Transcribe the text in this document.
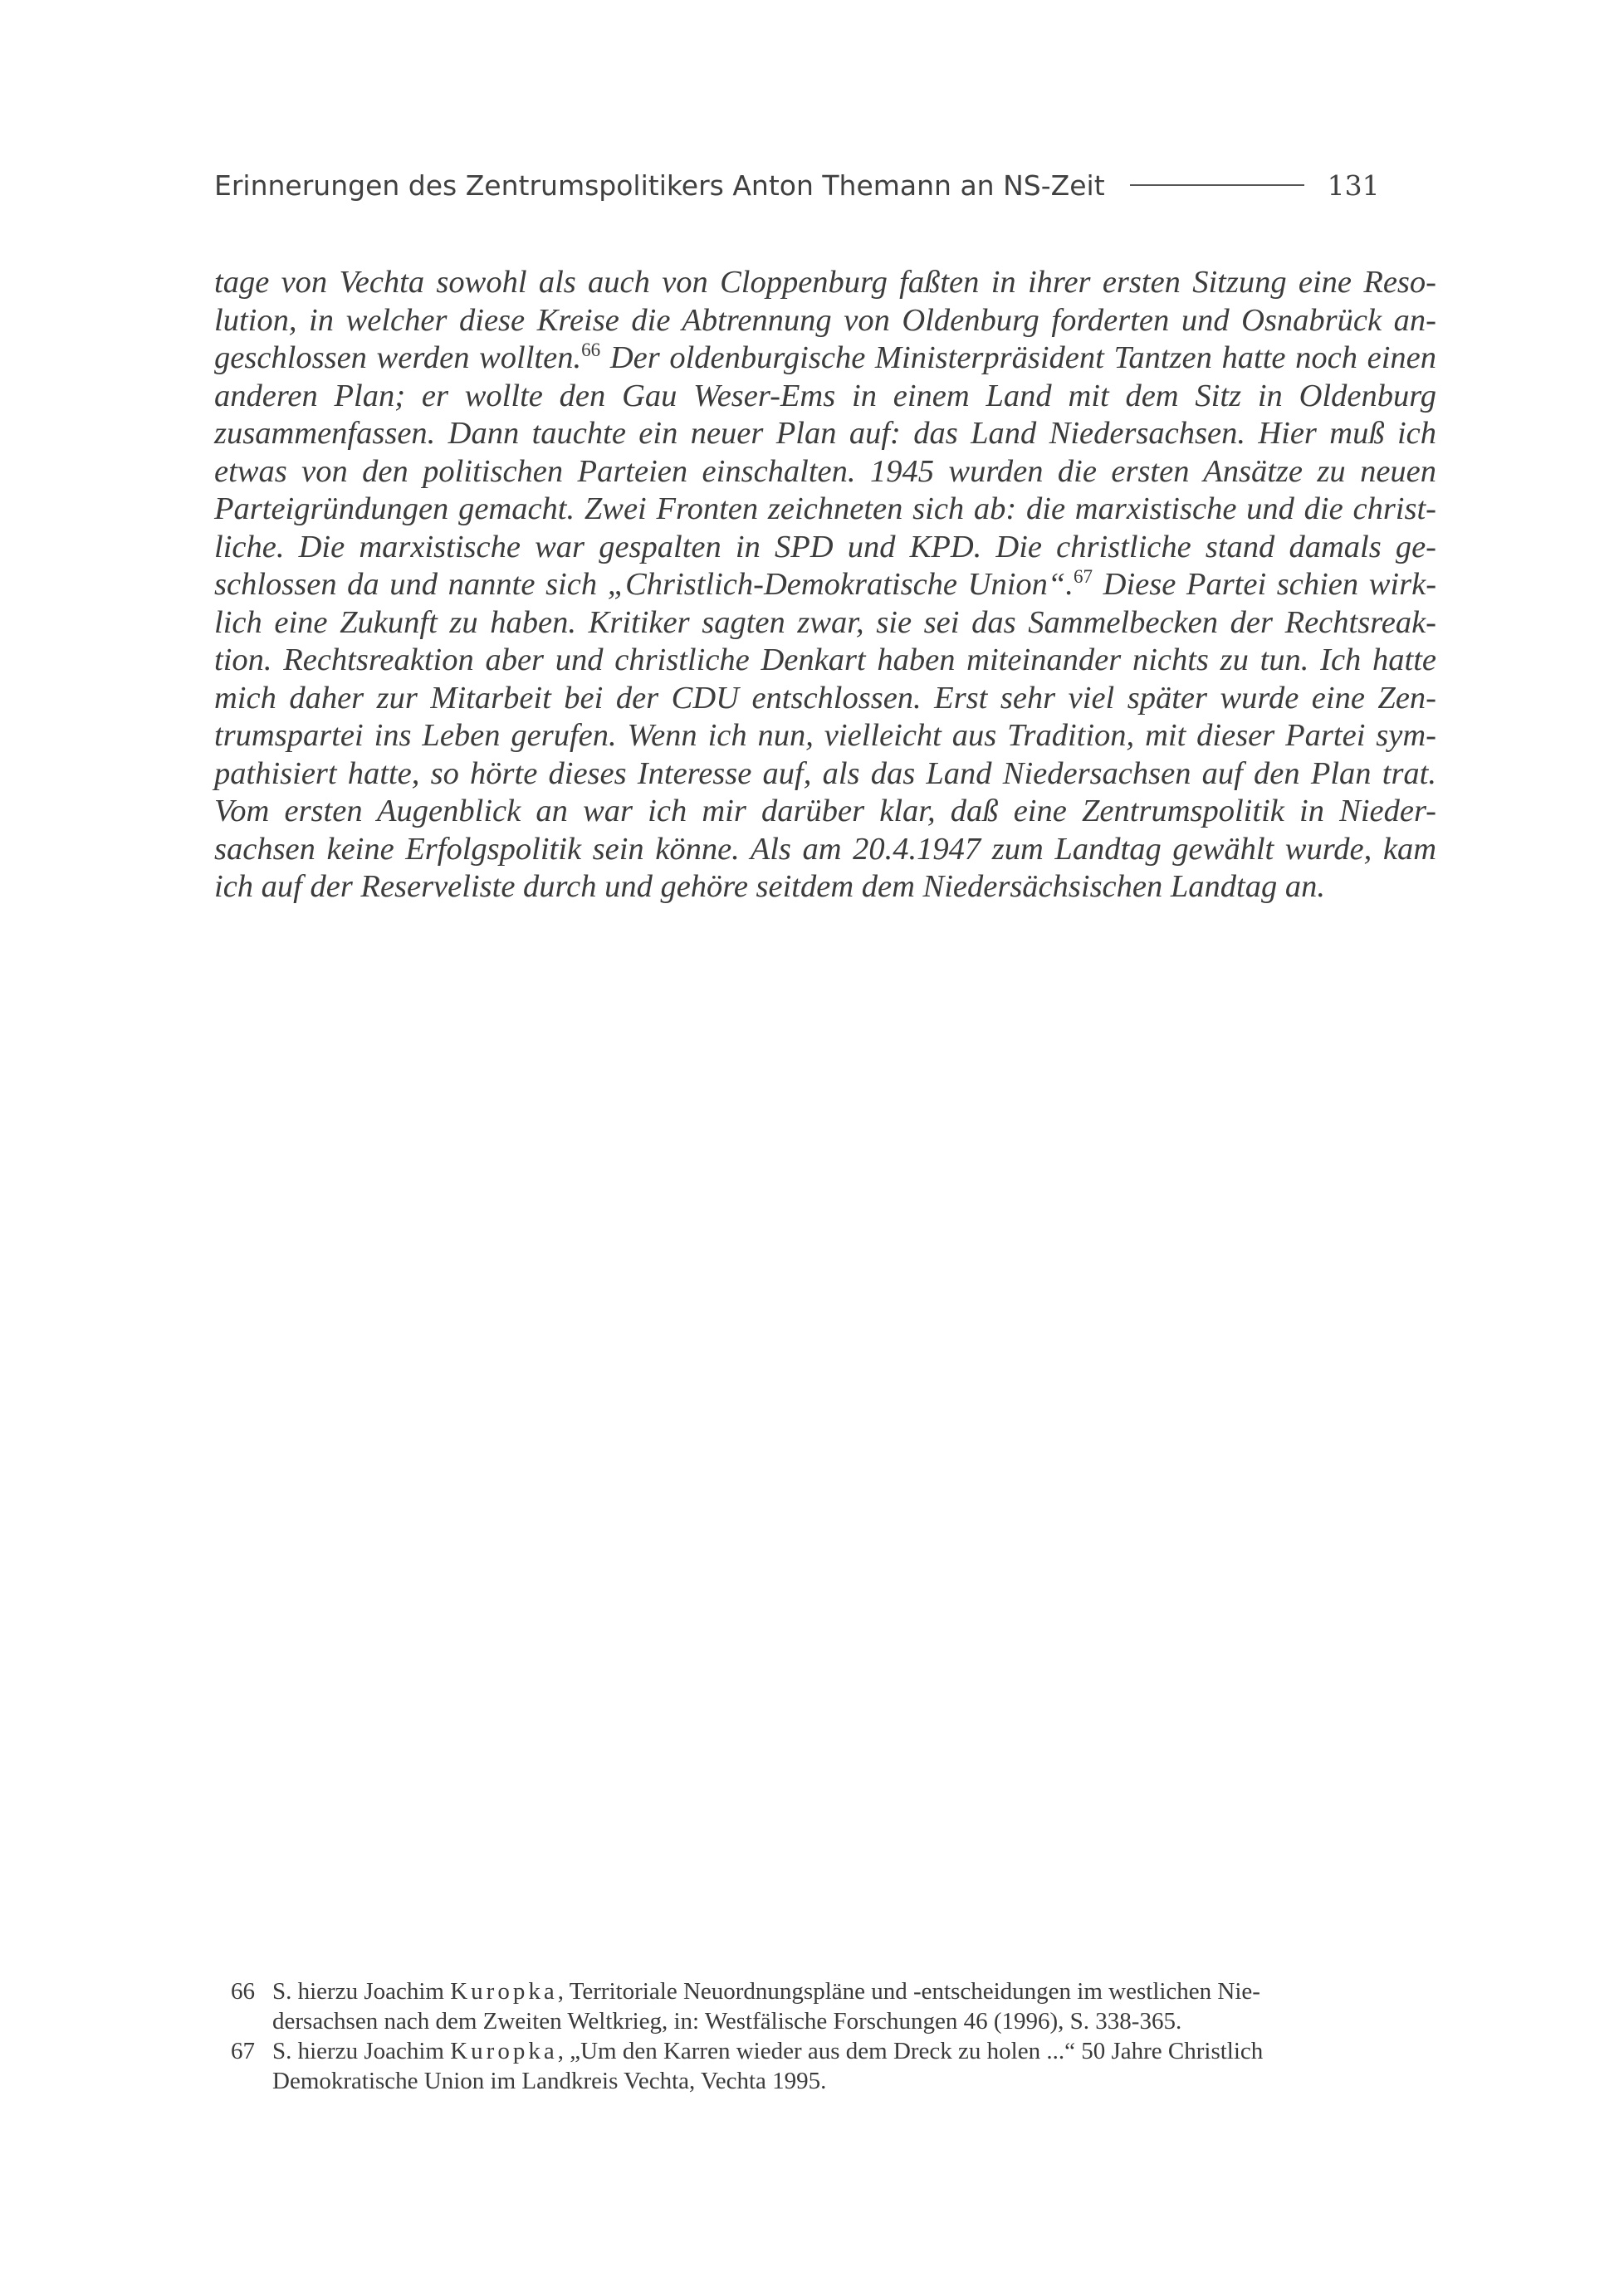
Erinnerungen des Zentrumspolitikers Anton Themann an NS-Zeit	131
tage von Vechta sowohl als auch von Cloppenburg faßten in ihrer ersten Sitzung eine Reso-
lution, in welcher diese Kreise die Abtrennung von Oldenburg forderten und Osnabrück an-
geschlossen werden wollten.$^{66}$ Der oldenburgische Ministerpräsident Tantzen hatte noch einen
anderen Plan; er wollte den Gau Weser-Ems in einem Land mit dem Sitz in Oldenburg
zusammenfassen. Dann tauchte ein neuer Plan auf: das Land Niedersachsen. Hier muß ich
etwas von den politischen Parteien einschalten. 1945 wurden die ersten Ansätze zu neuen
Parteigründungen gemacht. Zwei Fronten zeichneten sich ab: die marxistische und die christ-
liche. Die marxistische war gespalten in SPD und KPD. Die christliche stand damals ge-
schlossen da und nannte sich „Christlich-Demokratische Union“.$^{67}$ Diese Partei schien wirk-
lich eine Zukunft zu haben. Kritiker sagten zwar, sie sei das Sammelbecken der Rechtsreak-
tion. Rechtsreaktion aber und christliche Denkart haben miteinander nichts zu tun. Ich hatte
mich daher zur Mitarbeit bei der CDU entschlossen. Erst sehr viel später wurde eine Zen-
trumspartei ins Leben gerufen. Wenn ich nun, vielleicht aus Tradition, mit dieser Partei sym-
pathisiert hatte, so hörte dieses Interesse auf, als das Land Niedersachsen auf den Plan trat.
Vom ersten Augenblick an war ich mir darüber klar, daß eine Zentrumspolitik in Nieder-
sachsen keine Erfolgspolitik sein könne. Als am 20.4.1947 zum Landtag gewählt wurde, kam
ich auf der Reserveliste durch und gehöre seitdem dem Niedersächsischen Landtag an.
66 S. hierzu Joachim Kuropka, Territoriale Neuordnungspläne und -entscheidungen im westlichen Nie-
dersachsen nach dem Zweiten Weltkrieg, in: Westfälische Forschungen 46 (1996), S. 338-365.
67 S. hierzu Joachim Kuropka, „Um den Karren wieder aus dem Dreck zu holen ...“ 50 Jahre Christlich
Demokratische Union im Landkreis Vechta, Vechta 1995.
